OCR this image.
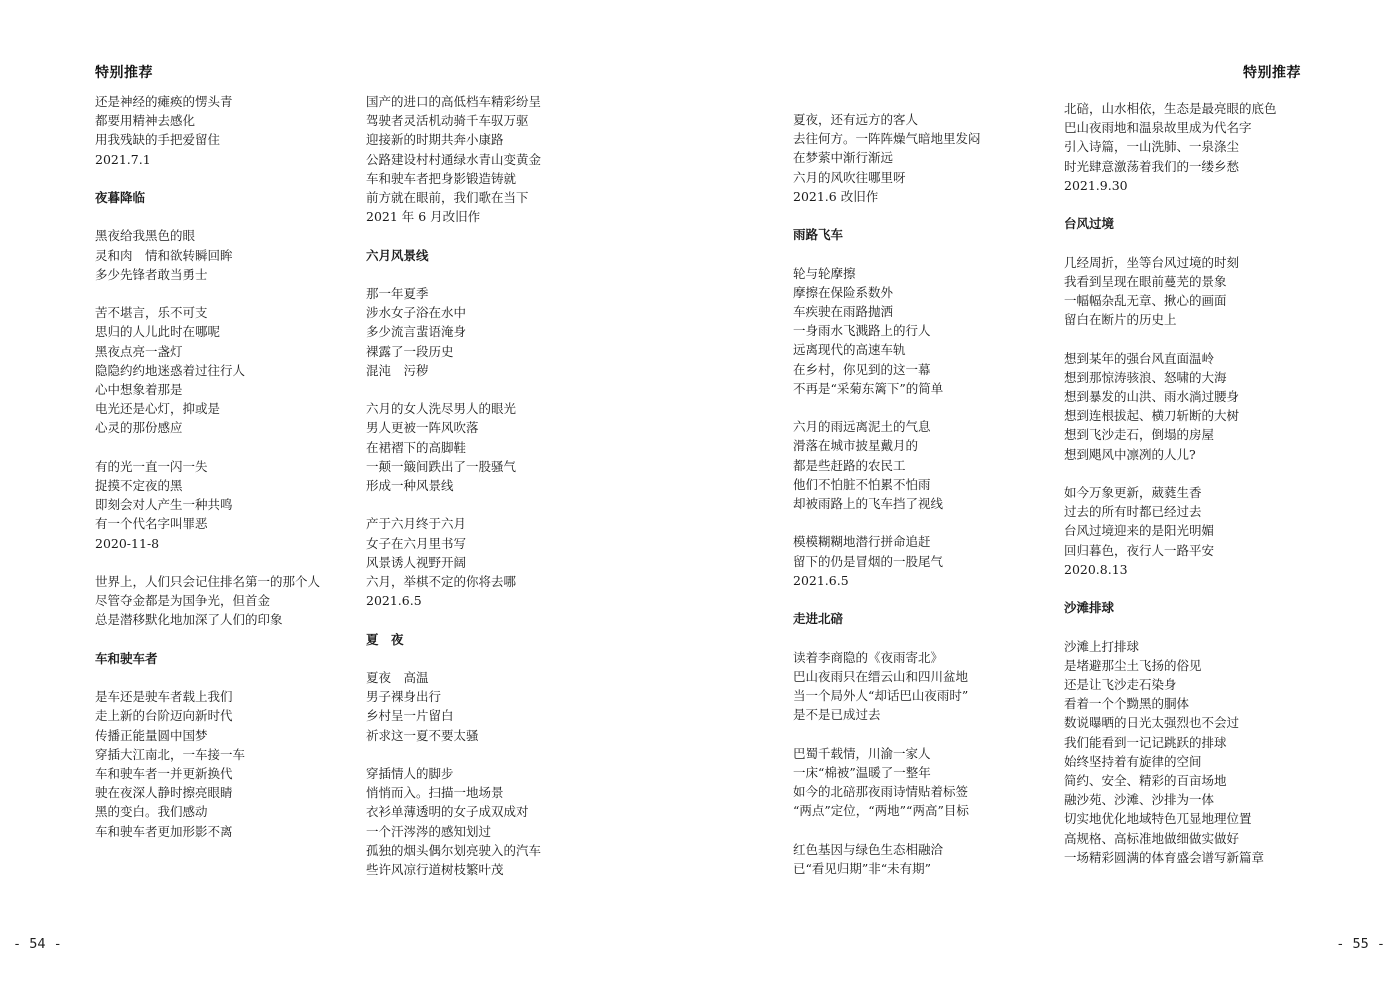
特别推荐
还是神经的瘫痪的愣头青
都要用精神去感化
用我残缺的手把爱留住
2021.7.1
夜暮降临
黑夜给我黑色的眼
灵和肉　情和欲转瞬回眸
多少先锋者敢当勇士
苦不堪言，乐不可支
思归的人儿此时在哪呢
黑夜点亮一盏灯
隐隐约约地迷惑着过往行人
心中想象着那是
电光还是心灯，抑或是
心灵的那份感应
有的光一直一闪一失
捉摸不定夜的黑
即刻会对人产生一种共鸣
有一个代名字叫罪恶
2020-11-8
世界上，人们只会记住排名第一的那个人
尽管夺金都是为国争光，但首金
总是潜移默化地加深了人们的印象
车和驶车者
是车还是驶车者载上我们
走上新的台阶迈向新时代
传播正能量圆中国梦
穿插大江南北，一车接一车
车和驶车者一并更新换代
驶在夜深人静时擦亮眼睛
黑的变白。我们感动
车和驶车者更加形影不离
国产的进口的高低档车精彩纷呈
驾驶者灵活机动骑千车驭万驱
迎接新的时期共奔小康路
公路建设村村通绿水青山变黄金
车和驶车者把身影锻造铸就
前方就在眼前，我们歌在当下
2021 年 6 月改旧作
六月风景线
那一年夏季
涉水女子浴在水中
多少流言蜚语淹身
裸露了一段历史
混沌　污秽
六月的女人洗尽男人的眼光
男人更被一阵风吹落
在裙褶下的高脚鞋
一颠一簸间跌出了一股骚气
形成一种风景线
产于六月终于六月
女子在六月里书写
风景诱人视野开阔
六月，举棋不定的你将去哪
2021.6.5
夏　夜
夏夜　高温
男子裸身出行
乡村呈一片留白
祈求这一夏不要太骚
穿插情人的脚步
悄悄而入。扫描一地场景
衣衫单薄透明的女子成双成对
一个汗涔涔的感知划过
孤独的烟头偶尔划亮驶入的汽车
些许风凉行道树枝繁叶茂
- 54 -
特别推荐
夏夜，还有远方的客人
去往何方。一阵阵燥气暗地里发闷
在梦萦中渐行渐远
六月的风吹往哪里呀
2021.6 改旧作
雨路飞车
轮与轮摩擦
摩擦在保险系数外
车疾驶在雨路抛洒
一身雨水飞溅路上的行人
远离现代的高速车轨
在乡村，你见到的这一幕
不再是“采菊东篱下”的简单
六月的雨远离泥土的气息
滑落在城市披星戴月的
都是些赶路的农民工
他们不怕脏不怕累不怕雨
却被雨路上的飞车挡了视线
模模糊糊地潜行拼命追赶
留下的仍是冒烟的一股尾气
2021.6.5
走进北碚
读着李商隐的《夜雨寄北》
巴山夜雨只在缙云山和四川盆地
当一个局外人“却话巴山夜雨时”
是不是已成过去
巴蜀千载情，川渝一家人
一床“棉被”温暖了一整年
如今的北碚那夜雨诗情贴着标签
“两点”定位，“两地”“两高”目标
红色基因与绿色生态相融洽
已“看见归期”非“未有期”
北碚，山水相依，生态是最亮眼的底色
巴山夜雨地和温泉故里成为代名字
引入诗篇，一山洗肺、一泉涤尘
时光肆意激荡着我们的一缕乡愁
2021.9.30
台风过境
几经周折，坐等台风过境的时刻
我看到呈现在眼前蔓芜的景象
一幅幅杂乱无章、揪心的画面
留白在断片的历史上
想到某年的强台风直面温岭
想到那惊涛骇浪、怒啸的大海
想到暴发的山洪、雨水淌过腰身
想到连根拔起、横刀斩断的大树
想到飞沙走石，倒塌的房屋
想到飓风中凛冽的人儿?
如今万象更新，葳蕤生香
过去的所有时都已经过去
台风过境迎来的是阳光明媚
回归暮色，夜行人一路平安
2020.8.13
沙滩排球
沙滩上打排球
是堵避那尘土飞扬的俗见
还是让飞沙走石染身
看着一个个黝黑的胴体
数说曝晒的日光太强烈也不会过
我们能看到一记记跳跃的排球
始终坚持着有旋律的空间
简约、安全、精彩的百亩场地
融沙苑、沙滩、沙排为一体
切实地优化地域特色兀显地理位置
高规格、高标准地做细做实做好
一场精彩圆满的体育盛会谱写新篇章
- 55 -
